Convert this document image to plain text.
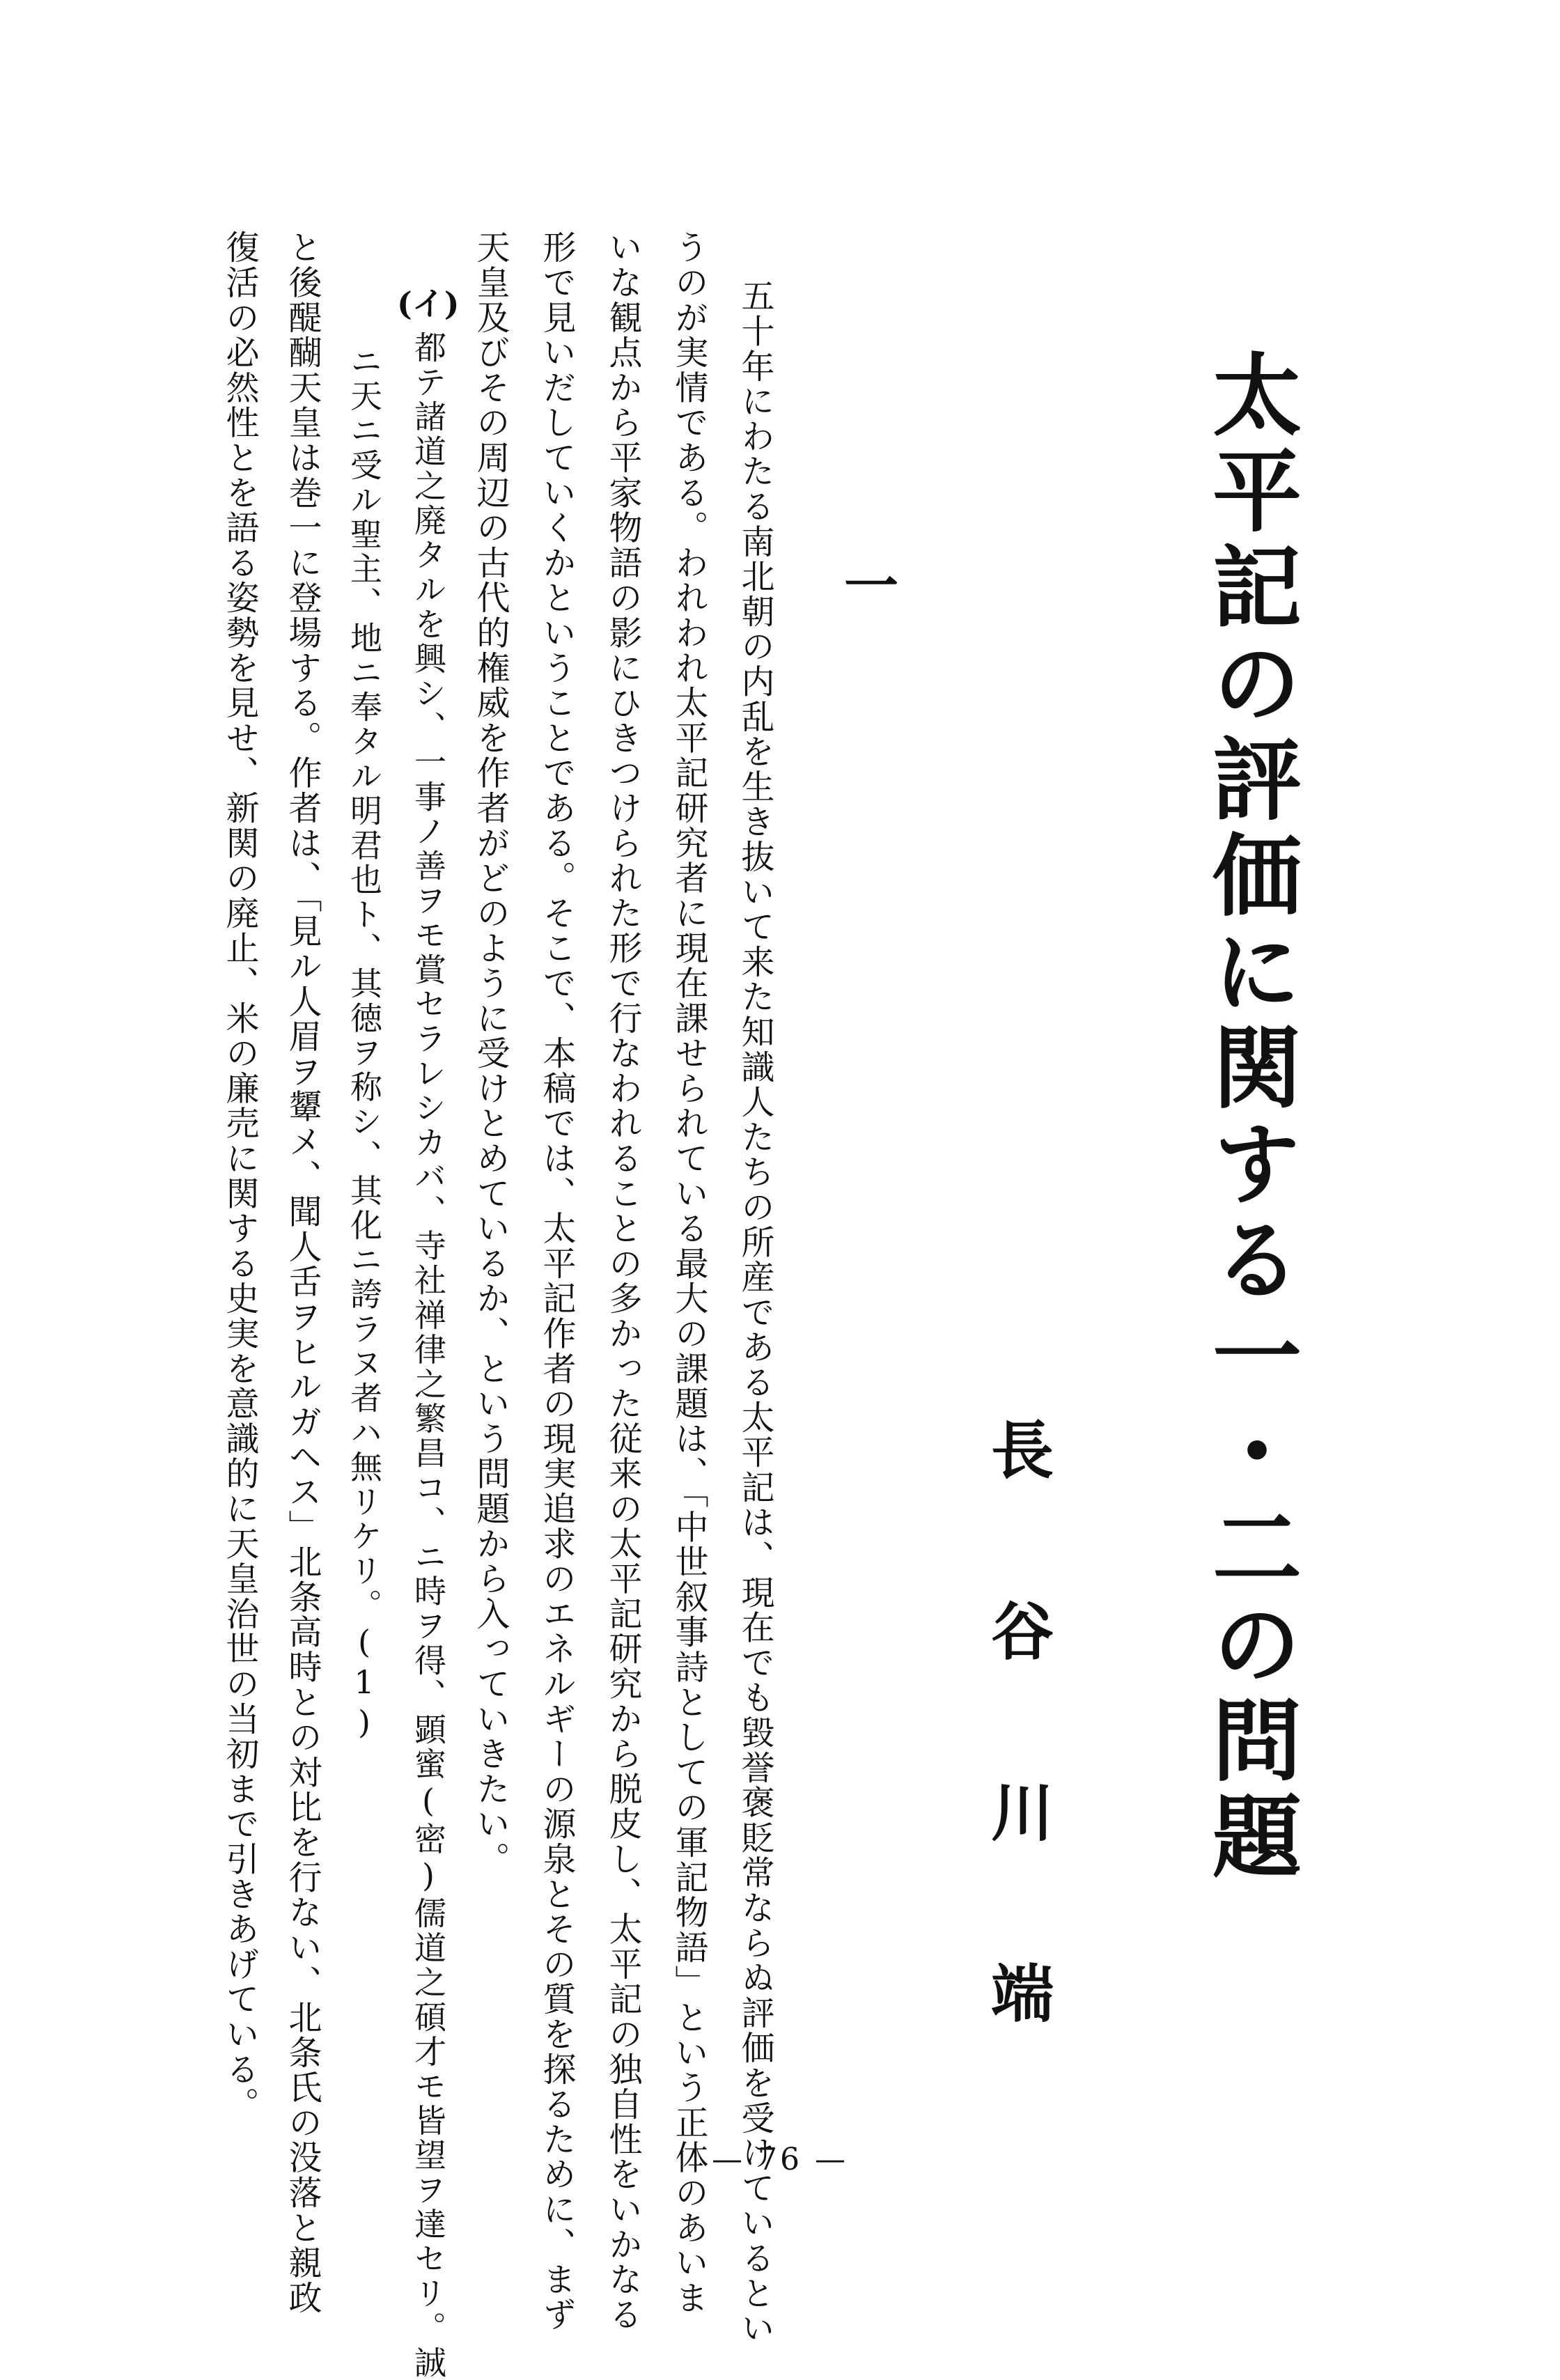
太平記の評価に関する一・二の問題
長谷川端
一
五十年にわたる南北朝の内乱を生き抜いて来た知識人たちの所産である太平記は、現在でも毀誉褒貶常ならぬ評価を受けているとい
うのが実情である。われわれ太平記研究者に現在課せられている最大の課題は、「中世叙事詩としての軍記物語」という正体のあいま
いな観点から平家物語の影にひきつけられた形で行なわれることの多かった従来の太平記研究から脱皮し、太平記の独自性をいかなる
形で見いだしていくかということである。そこで、本稿では、太平記作者の現実追求のエネルギーの源泉とその質を探るために、まず
天皇及びその周辺の古代的権威を作者がどのように受けとめているか、という問題から入っていきたい。
(イ)
都テ諸道之廃タルを興シ、一事ノ善ヲモ賞セラレシカバ、寺社禅律之繁昌コ、ニ時ヲ得、顕蜜(密)儒道之碩才モ皆望ヲ達セリ。誠
ニ天ニ受ル聖主、地ニ奉タル明君也ト、其徳ヲ称シ、其化ニ誇ラヌ者ハ無リケリ。(1)
と後醍醐天皇は巻一に登場する。作者は、「見ル人眉ヲ顰メ、聞人舌ヲヒルガヘス」北条高時との対比を行ない、北条氏の没落と親政
復活の必然性とを語る姿勢を見せ、新関の廃止、米の廉売に関する史実を意識的に天皇治世の当初まで引きあげている。
— 76 —
